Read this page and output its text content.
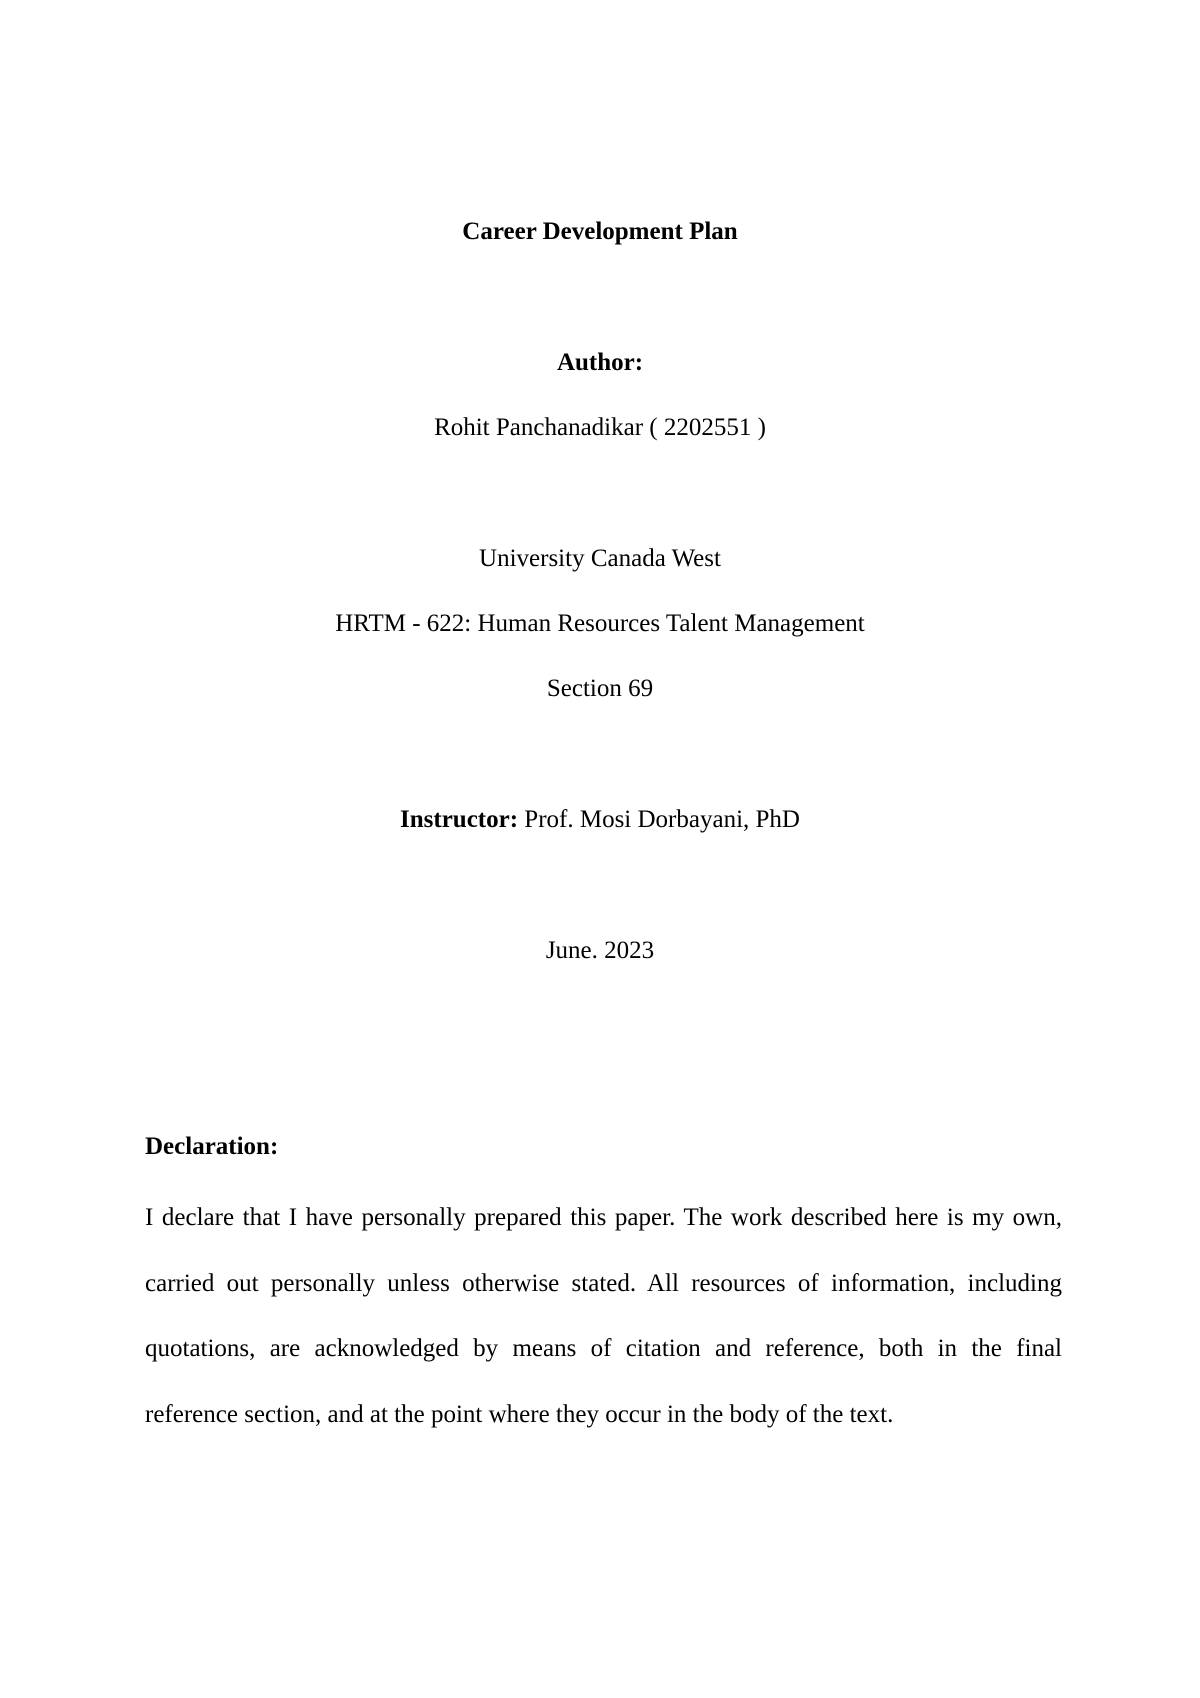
Career Development Plan
Author:
Rohit Panchanadikar ( 2202551 )
University Canada West
HRTM - 622: Human Resources Talent Management
Section 69
Instructor: Prof. Mosi Dorbayani, PhD
June. 2023
Declaration:
I declare that I have personally prepared this paper. The work described here is my own, carried out personally unless otherwise stated. All resources of information, including quotations, are acknowledged by means of citation and reference, both in the final reference section, and at the point where they occur in the body of the text.
